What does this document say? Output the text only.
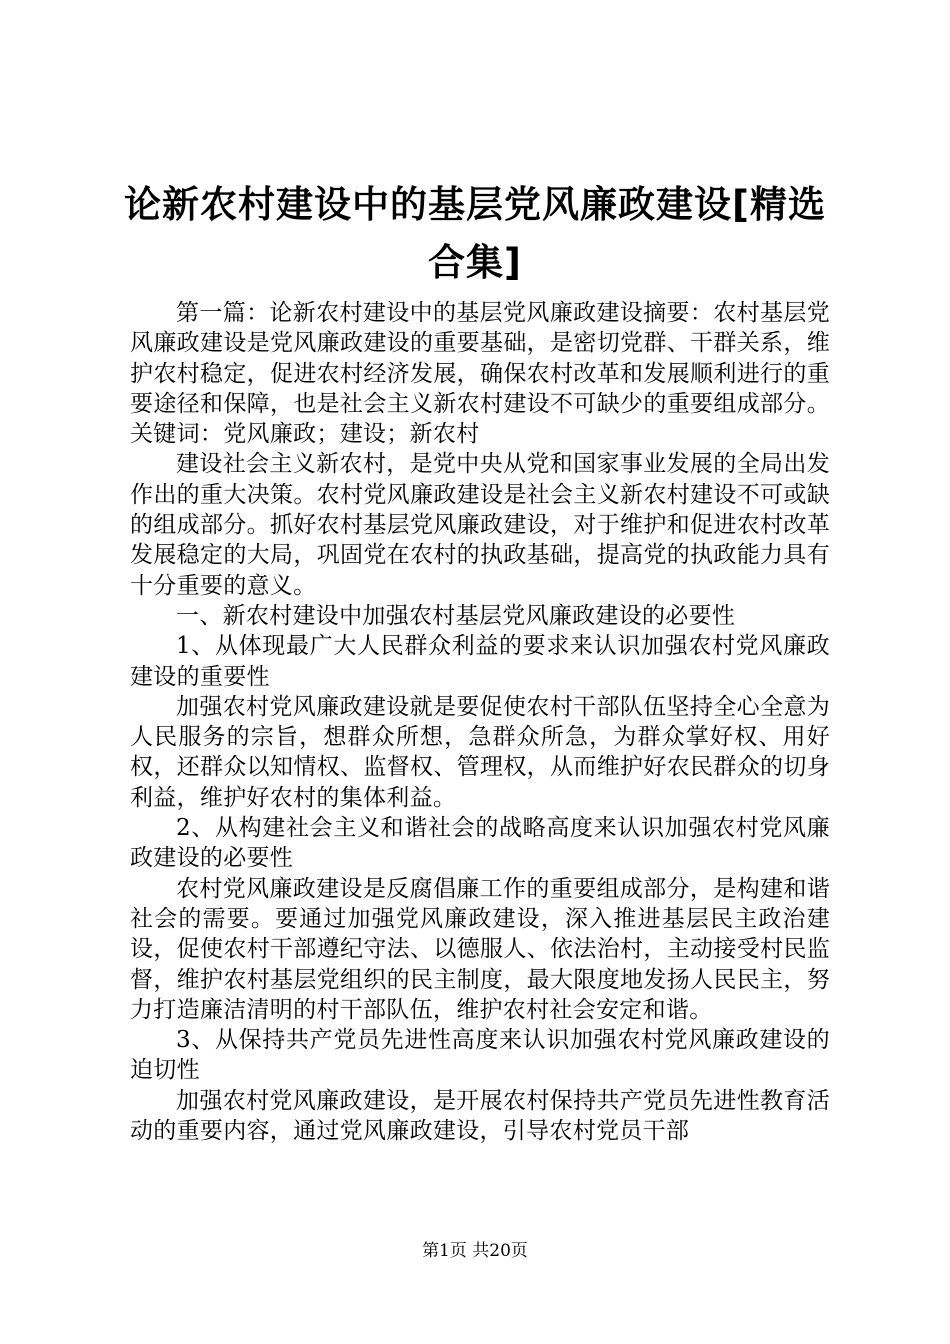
论新农村建设中的基层党风廉政建设[精选合集]

第一篇：论新农村建设中的基层党风廉政建设摘要：农村基层党风廉政建设是党风廉政建设的重要基础，是密切党群、干群关系，维护农村稳定，促进农村经济发展，确保农村改革和发展顺利进行的重要途径和保障，也是社会主义新农村建设不可缺少的重要组成部分。关键词：党风廉政；建设；新农村

建设社会主义新农村，是党中央从党和国家事业发展的全局出发作出的重大决策。农村党风廉政建设是社会主义新农村建设不可或缺的组成部分。抓好农村基层党风廉政建设，对于维护和促进农村改革发展稳定的大局，巩固党在农村的执政基础，提高党的执政能力具有十分重要的意义。

一、新农村建设中加强农村基层党风廉政建设的必要性

1、从体现最广大人民群众利益的要求来认识加强农村党风廉政建设的重要性

加强农村党风廉政建设就是要促使农村干部队伍坚持全心全意为人民服务的宗旨，想群众所想，急群众所急，为群众掌好权、用好权，还群众以知情权、监督权、管理权，从而维护好农民群众的切身利益，维护好农村的集体利益。

2、从构建社会主义和谐社会的战略高度来认识加强农村党风廉政建设的必要性

农村党风廉政建设是反腐倡廉工作的重要组成部分，是构建和谐社会的需要。要通过加强党风廉政建设，深入推进基层民主政治建设，促使农村干部遵纪守法、以德服人、依法治村，主动接受村民监督，维护农村基层党组织的民主制度，最大限度地发扬人民民主，努力打造廉洁清明的村干部队伍，维护农村社会安定和谐。

3、从保持共产党员先进性高度来认识加强农村党风廉政建设的迫切性

加强农村党风廉政建设，是开展农村保持共产党员先进性教育活动的重要内容，通过党风廉政建设，引导农村党员干部

第1页 共20页
